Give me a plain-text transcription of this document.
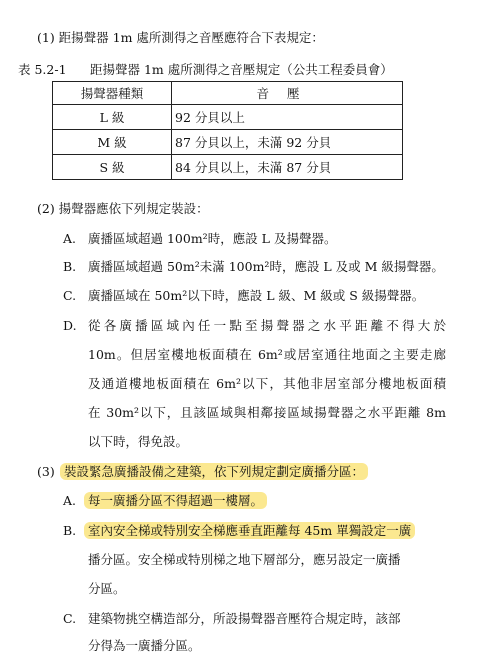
(1) 距揚聲器 1m 處所測得之音壓應符合下表規定：
表 5.2-1 距揚聲器 1m 處所測得之音壓規定（公共工程委員會）
揚聲器種類	音壓
L 級	92 分貝以上
M 級	87 分貝以上，未滿 92 分貝
S 級	84 分貝以上，未滿 87 分貝
(2) 揚聲器應依下列規定裝設：
A. 廣播區域超過 100m²時，應設 L 及揚聲器。
B. 廣播區域超過 50m²未滿 100m²時，應設 L 及或 M 級揚聲器。
C. 廣播區域在 50m²以下時，應設 L 級、M 級或 S 級揚聲器。
D. 從各廣播區域內任一點至揚聲器之水平距離不得大於
10m。但居室樓地板面積在 6m²或居室通往地面之主要走廊
及通道樓地板面積在 6m²以下，其他非居室部分樓地板面積
在 30m²以下，且該區域與相鄰接區域揚聲器之水平距離 8m
以下時，得免設。
(3) 裝設緊急廣播設備之建築，依下列規定劃定廣播分區：
A. 每一廣播分區不得超過一樓層。
B. 室內安全梯或特別安全梯應垂直距離每 45m 單獨設定一廣
播分區。安全梯或特別梯之地下層部分，應另設定一廣播
分區。
C. 建築物挑空構造部分，所設揚聲器音壓符合規定時，該部
分得為一廣播分區。
